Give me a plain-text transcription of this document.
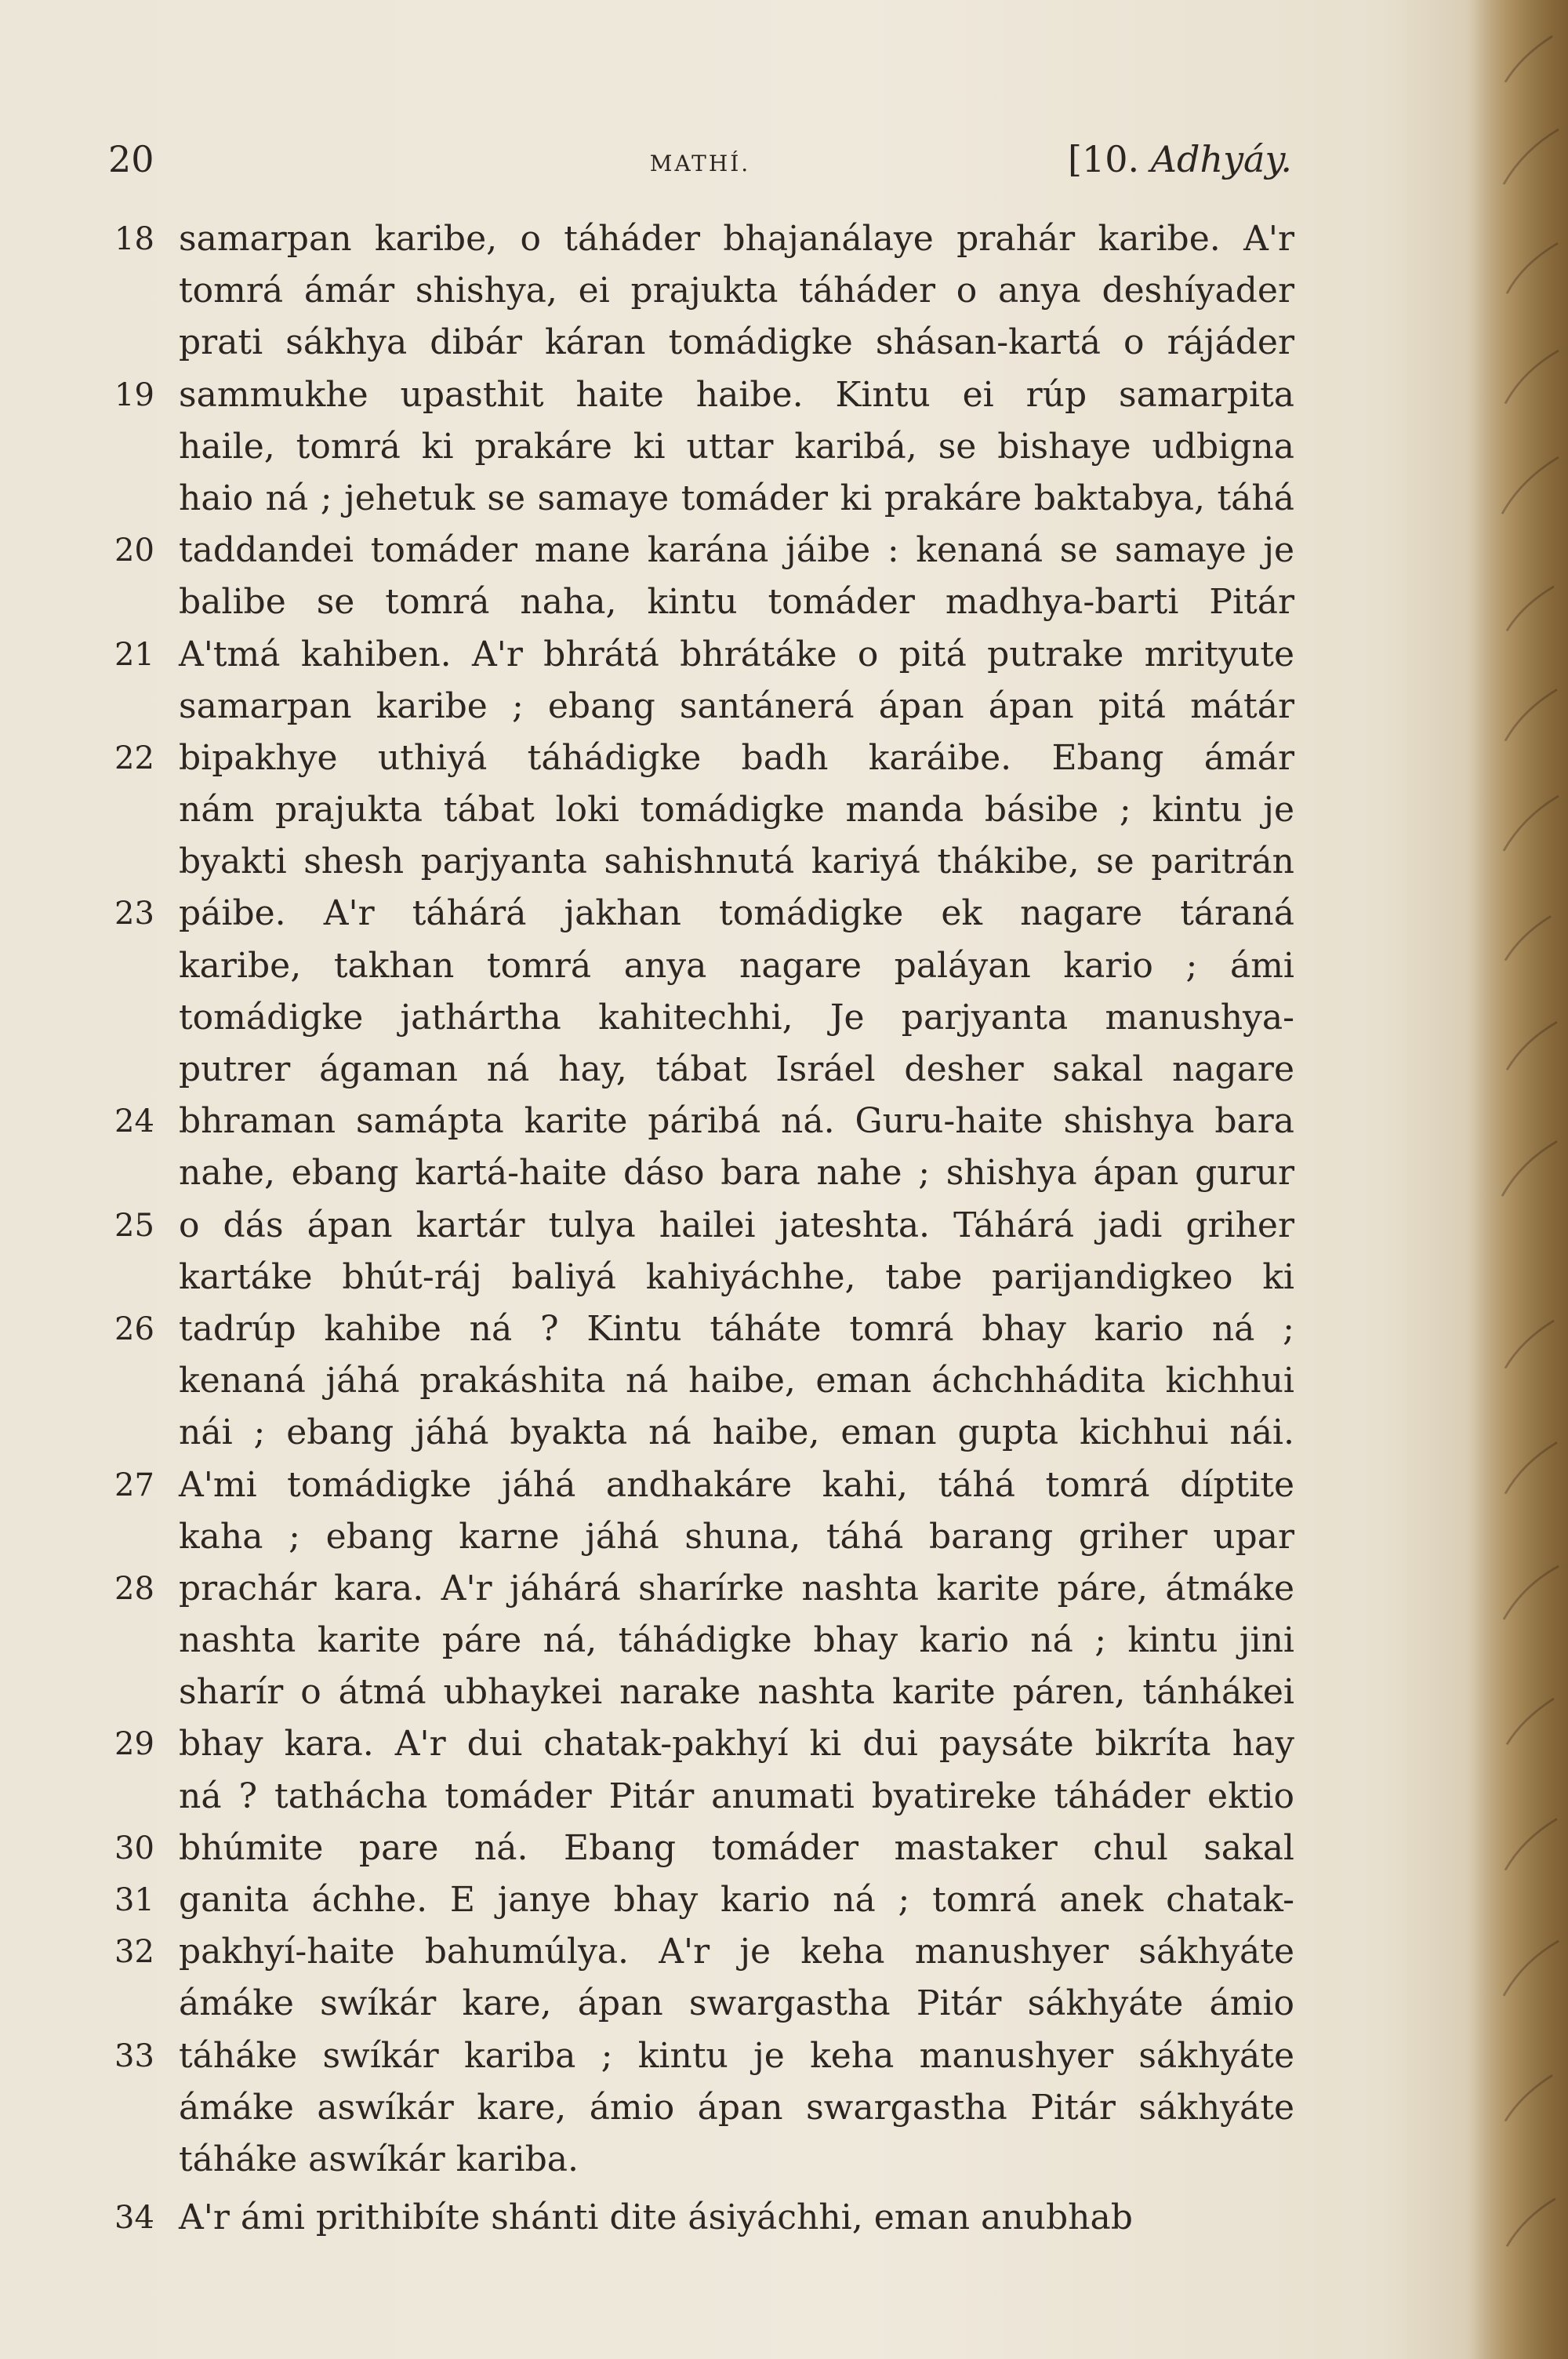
20	MATHÍ.	[10. Adhyáy.
18 samarpan karibe, o táháder bhajanálaye prahár karibe. A'r
tomrá ámár shishya, ei prajukta táháder o anya deshíyader
prati sákhya dibár káran tomádigke shásan-kartá o rájáder
19 sammukhe upasthit haite haibe. Kintu ei rúp samarpita
haile, tomrá ki prakáre ki uttar karibá, se bishaye udbigna
haio ná ; jehetuk se samaye tomáder ki prakáre baktabya, táhá
20 taddandei tomáder mane karána jáibe : kenaná se samaye je
balibe se tomrá naha, kintu tomáder madhya-barti Pitár
21 A'tmá kahiben. A'r bhrátá bhrátáke o pitá putrake mrityute
samarpan karibe ; ebang santánerá ápan ápan pitá mátár
22 bipakhye uthiyá táhádigke badh karáibe. Ebang ámár
nám prajukta tábat loki tomádigke manda básibe ; kintu je
byakti shesh parjyanta sahishnutá kariyá thákibe, se paritrán
23 páibe. A'r táhárá jakhan tomádigke ek nagare táraná
karibe, takhan tomrá anya nagare paláyan kario ; ámi
tomádigke jathártha kahitechhi, Je parjyanta manushya-
putrer ágaman ná hay, tábat Isráel desher sakal nagare
24 bhraman samápta karite páribá ná. Guru-haite shishya bara
nahe, ebang kartá-haite dáso bara nahe ; shishya ápan gurur
25 o dás ápan kartár tulya hailei jateshta. Táhárá jadi griher
kartáke bhút-ráj baliyá kahiyáchhe, tabe parijandigkeo ki
26 tadrúp kahibe ná ? Kintu táháte tomrá bhay kario ná ;
kenaná jáhá prakáshita ná haibe, eman áchchhádita kichhui
nái ; ebang jáhá byakta ná haibe, eman gupta kichhui nái.
27 A'mi tomádigke jáhá andhakáre kahi, táhá tomrá díptite
kaha ; ebang karne jáhá shuna, táhá barang griher upar
28 prachár kara. A'r jáhárá sharírke nashta karite páre, átmáke
nashta karite páre ná, táhádigke bhay kario ná ; kintu jini
sharír o átmá ubhaykei narake nashta karite páren, tánhákei
29 bhay kara. A'r dui chatak-pakhyí ki dui paysáte bikríta hay
ná ? tathácha tomáder Pitár anumati byatireke táháder ektio
30 bhúmite pare ná. Ebang tomáder mastaker chul sakal
31 ganita áchhe. E janye bhay kario ná ; tomrá anek chatak-
32 pakhyí-haite bahumúlya. A'r je keha manushyer sákhyáte
ámáke swíkár kare, ápan swargastha Pitár sákhyáte ámio
33 táháke swíkár kariba ; kintu je keha manushyer sákhyáte
ámáke aswíkár kare, ámio ápan swargastha Pitár sákhyáte
táháke aswíkár kariba.
34 A'r ámi prithibíte shánti dite ásiyáchhi, eman anubhab
